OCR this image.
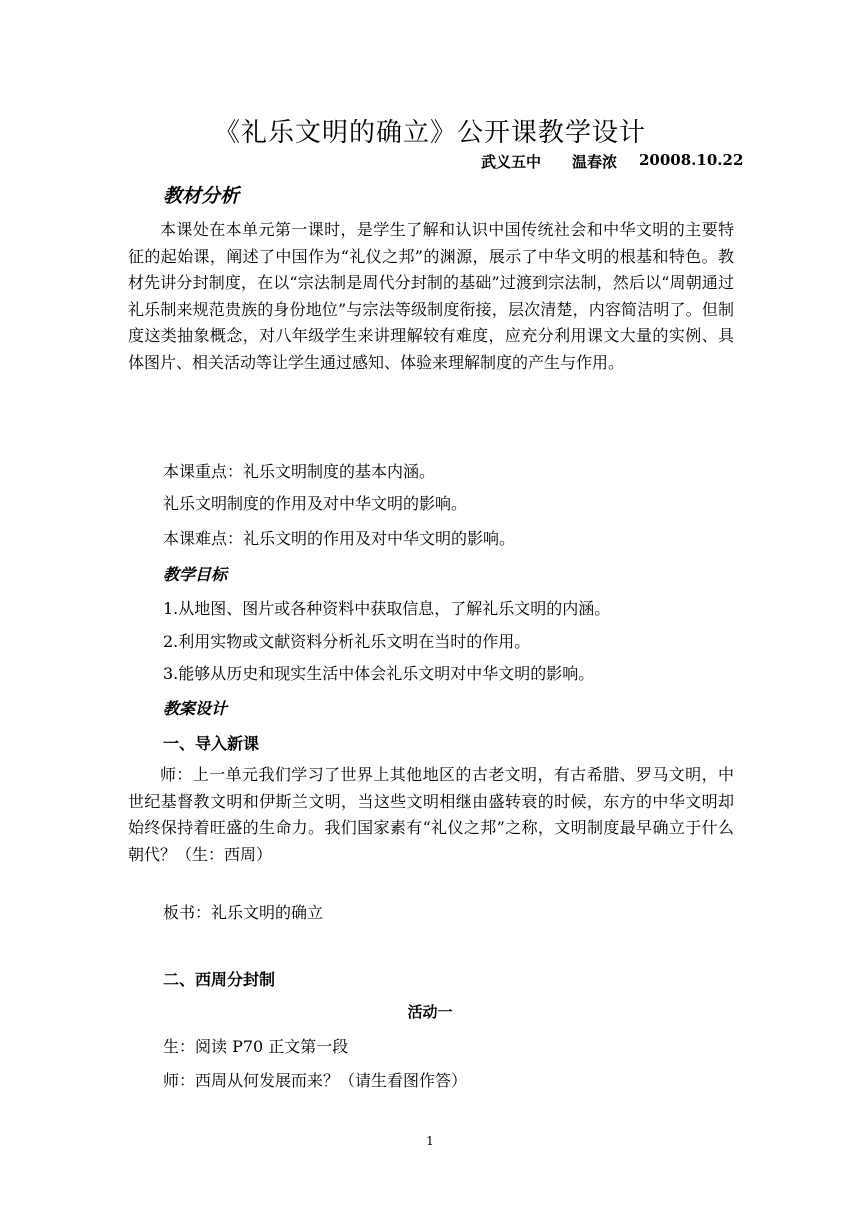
《礼乐文明的确立》公开课教学设计
武义五中 温春浓 20008.10.22
教材分析
本课处在本单元第一课时，是学生了解和认识中国传统社会和中华文明的主要特征的起始课，阐述了中国作为“礼仪之邦”的渊源，展示了中华文明的根基和特色。教材先讲分封制度，在以“宗法制是周代分封制的基础”过渡到宗法制，然后以“周朝通过礼乐制来规范贵族的身份地位”与宗法等级制度衔接，层次清楚，内容简洁明了。但制度这类抽象概念，对八年级学生来讲理解较有难度，应充分利用课文大量的实例、具体图片、相关活动等让学生通过感知、体验来理解制度的产生与作用。
本课重点：礼乐文明制度的基本内涵。
礼乐文明制度的作用及对中华文明的影响。
本课难点：礼乐文明的作用及对中华文明的影响。
教学目标
1.从地图、图片或各种资料中获取信息，了解礼乐文明的内涵。
2.利用实物或文献资料分析礼乐文明在当时的作用。
3.能够从历史和现实生活中体会礼乐文明对中华文明的影响。
教案设计
一、导入新课
师：上一单元我们学习了世界上其他地区的古老文明，有古希腊、罗马文明，中世纪基督教文明和伊斯兰文明，当这些文明相继由盛转衰的时候，东方的中华文明却始终保持着旺盛的生命力。我们国家素有“礼仪之邦”之称，文明制度最早确立于什么朝代？（生：西周）
板书：礼乐文明的确立
二、西周分封制
活动一
生：阅读 P70 正文第一段
师：西周从何发展而来？（请生看图作答）
1
